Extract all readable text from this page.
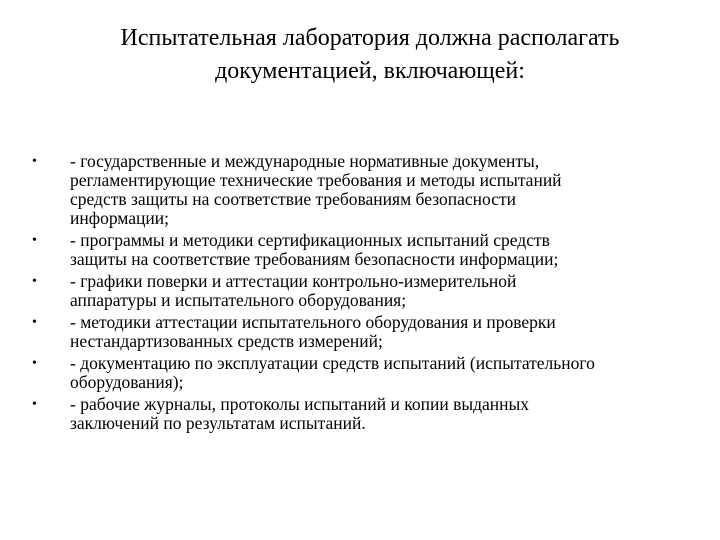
Испытательная лаборатория должна располагать
документацией, включающей:
•	- государственные и международные нормативные документы,
регламентирующие технические требования и методы испытаний
средств защиты на соответствие требованиям безопасности
информации;
•	- программы и методики сертификационных испытаний средств
защиты на соответствие требованиям безопасности информации;
•	- графики поверки и аттестации контрольно-измерительной
аппаратуры и испытательного оборудования;
•	- методики аттестации испытательного оборудования и проверки
нестандартизованных средств измерений;
•	- документацию по эксплуатации средств испытаний (испытательного
оборудования);
•	- рабочие журналы, протоколы испытаний и копии выданных
заключений по результатам испытаний.
